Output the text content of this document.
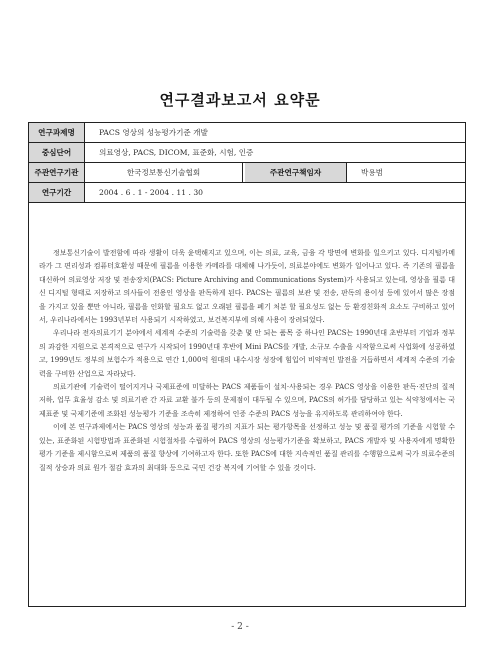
연구결과보고서 요약문
연구과제명	PACS 영상의 성능평가기준 개발
중심단어	의료영상, PACS, DICOM, 표준화, 시험, 인증
주관연구기관	한국정보통신기술협회	주관연구책임자	박용범
연구기간	2004 . 6 . 1 - 2004 . 11 . 30

정보통신기술이 발전함에 따라 생활이 더욱 윤택해지고 있으며, 이는 의료, 교육, 금융 각 방면에 변화를 일으키고 있다. 디지털카메라가 그 편리성과 컴퓨터호환성 때문에 필름을 이용한 카메라를 대체해 나가듯이, 의료분야에도 변화가 일어나고 있다. 즉 기존의 필름을 대신하여 의료영상 저장 및 전송장치(PACS: Picture Archiving and Communications System)가 사용되고 있는데, 영상을 필름 대신 디지털 형태로 저장하고 의사들이 전용인 영상을 판독하게 된다. PACS는 필름의 보관 및 전송, 판독의 용이성 등에 있어서 많은 장점을 가지고 있을 뿐만 아니라, 필름을 인화할 필요도 없고 오래된 필름을 폐기 처분 할 필요성도 없는 등 환경친화적 요소도 구비하고 있어서, 우리나라에서는 1993년부터 사용되기 시작하였고, 보건복지부에 의해 사용이 장려되었다.

우리나라 전자의료기기 분야에서 세계적 수준의 기술력을 갖춘 몇 안 되는 품목 중 하나인 PACS는 1990년대 초반부터 기업과 정부의 과감한 지원으로 본격적으로 연구가 시작되어 1990년대 후반에 Mini PACS를 개발, 소규모 수출을 시작함으로써 사업화에 성공하였고, 1999년도 정부의 보험수가 적용으로 연간 1,000억 원대의 내수시장 성장에 힘입어 비약적인 발전을 거듭하면서 세계적 수준의 기술력을 구비한 산업으로 자라났다.

의료기관에 기술력이 떨어지거나 국제표준에 미달하는 PACS 제품들이 설치·사용되는 경우 PACS 영상을 이용한 판독·진단의 질적 저하, 업무 효율성 감소 및 의료기관 간 자료 교환 불가 등의 문제점이 대두될 수 있으며, PACS의 허가를 담당하고 있는 식약청에서는 국제표준 및 국제기준에 조화된 성능평가 기준을 조속히 제정하여 인증 수준의 PACS 성능을 유지하도록 관리하여야 한다.

이에 본 연구과제에서는 PACS 영상의 성능과 품질 평가의 지표가 되는 평가항목을 선정하고 성능 및 품질 평가의 기준을 시험할 수 있는, 표준화된 시험방법과 표준화된 시험절차를 수립하여 PACS 영상의 성능평가기준을 확보하고, PACS 개발자 및 사용자에게 명확한 평가 기준을 제시함으로써 제품의 품질 향상에 기여하고자 한다. 또한 PACS에 대한 지속적인 품질 관리를 수행함으로써 국가 의료수준의 질적 상승과 의료 원가 절감 효과의 최대화 등으로 국민 건강 복지에 기여할 수 있을 것이다.

- 2 -
